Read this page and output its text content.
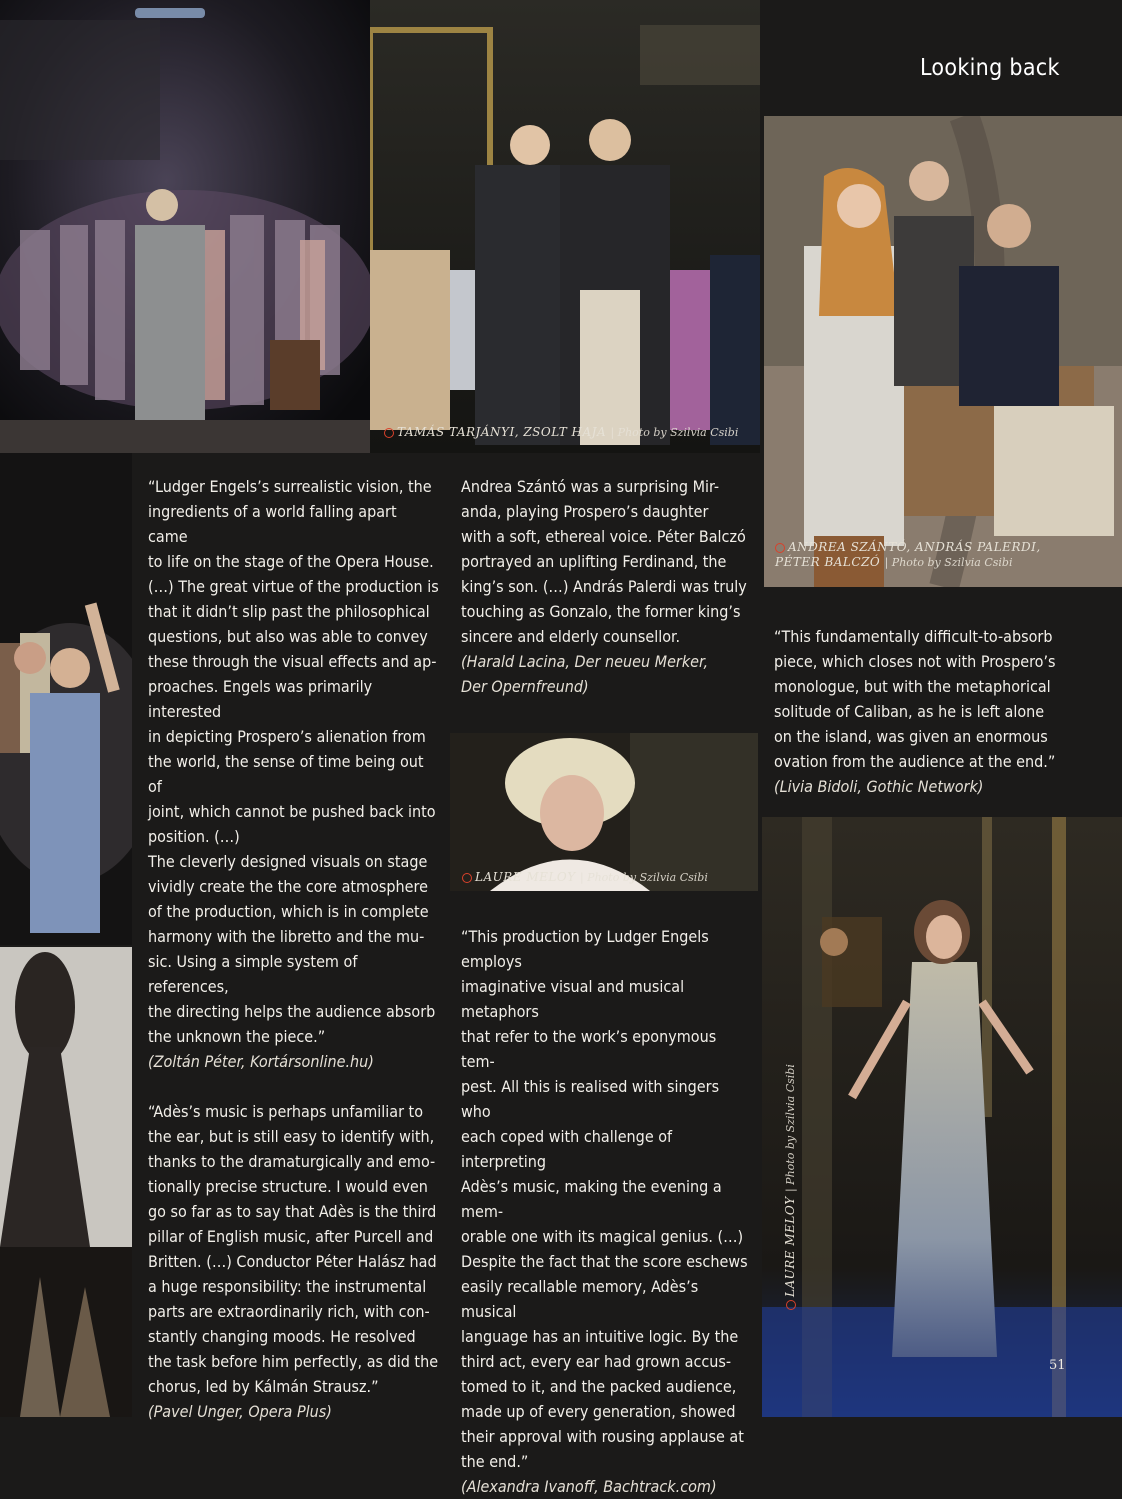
Looking back
TAMÁS TARJÁNYI, ZSOLT HAJA | Photo by Szilvia Csibi
ANDREA SZÁNTÓ, ANDRÁS PALERDI,
PÉTER BALCZÓ | Photo by Szilvia Csibi
LAURE MELOY | Photo by Szilvia Csibi
LAURE MELOY | Photo by Szilvia Csibi

“Ludger Engels’s surrealistic vision, the

ingredients of a world falling apart came

to life on the stage of the Opera House.

(…) The great virtue of the production is

that it didn’t slip past the philosophical

questions, but also was able to convey

these through the visual effects and ap-

proaches. Engels was primarily interested

in depicting Prospero’s alienation from

the world, the sense of time being out of

joint, which cannot be pushed back into

position. (…)

The cleverly designed visuals on stage

vividly create the the core atmosphere

of the production, which is in complete

harmony with the libretto and the mu-

sic. Using a simple system of references,

the directing helps the audience absorb

the unknown the piece.”

(Zoltán Péter, Kortársonline.hu)

“Adès’s music is perhaps unfamiliar to

the ear, but is still easy to identify with,

thanks to the dramaturgically and emo-

tionally precise structure. I would even

go so far as to say that Adès is the third

pillar of English music, after Purcell and

Britten. (…) Conductor Péter Halász had

a huge responsibility: the instrumental

parts are extraordinarily rich, with con-

stantly changing moods. He resolved

the task before him perfectly, as did the

chorus, led by Kálmán Strausz.”

(Pavel Unger, Opera Plus)

Andrea Szántó was a surprising Mir-

anda, playing Prospero’s daughter

with a soft, ethereal voice. Péter Balczó

portrayed an uplifting Ferdinand, the

king’s son. (…) András Palerdi was truly

touching as Gonzalo, the former king’s

sincere and elderly counsellor.

(Harald Lacina, Der neueu Merker,

Der Opernfreund)

“This production by Ludger Engels employs

imaginative visual and musical metaphors

that refer to the work’s eponymous tem-

pest. All this is realised with singers who

each coped with challenge of interpreting

Adès’s music, making the evening a mem-

orable one with its magical genius. (…)

Despite the fact that the score eschews

easily recallable memory, Adès’s musical

language has an intuitive logic. By the

third act, every ear had grown accus-

tomed to it, and the packed audience,

made up of every generation, showed

their approval with rousing applause at

the end.”

(Alexandra Ivanoff, Bachtrack.com)

“This fundamentally difficult-to-absorb

piece, which closes not with Prospero’s

monologue, but with the metaphorical

solitude of Caliban, as he is left alone

on the island, was given an enormous

ovation from the audience at the end.”

(Livia Bidoli, Gothic Network)

51
